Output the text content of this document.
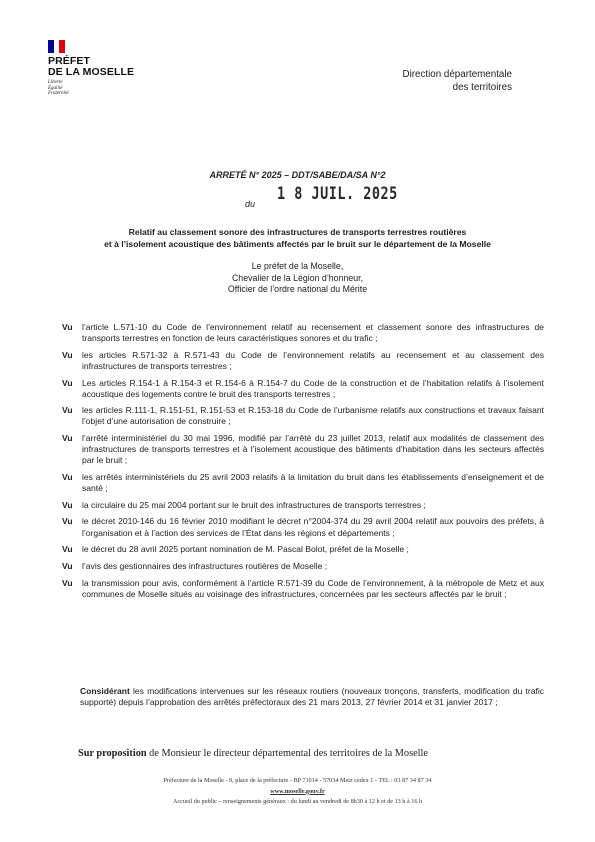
PRÉFET
DE LA MOSELLE
Liberté
Égalité
Fraternité
Direction départementale
des territoires
ARRETÉ N° 2025 – DDT/SABE/DA/SA N°2
du 1 8 JUIL. 2025
Relatif au classement sonore des infrastructures de transports terrestres routières
et à l’isolement acoustique des bâtiments affectés par le bruit sur le département de la Moselle
Le préfet de la Moselle,
Chevalier de la Légion d’honneur,
Officier de l’ordre national du Mérite
Vu l’article L.571-10 du Code de l’environnement relatif au recensement et classement sonore des infrastructures de transports terrestres en fonction de leurs caractéristiques sonores et du trafic ;
Vu les articles R.571-32 à R.571-43 du Code de l’environnement relatifs au recensement et au classement des infrastructures de transports terrestres ;
Vu Les articles R.154-1 à R.154-3 et R.154-6 à R.154-7 du Code de la construction et de l’habitation relatifs à l’isolement acoustique des logements contre le bruit des transports terrestres ;
Vu les articles R.111-1, R.151-51, R.151-53 et R.153-18 du Code de l’urbanisme relatifs aux constructions et travaux faisant l’objet d’une autorisation de construire ;
Vu l’arrêté interministériel du 30 mai 1996, modifié par l’arrêté du 23 juillet 2013, relatif aux modalités de classement des infrastructures de transports terrestres et à l’isolement acoustique des bâtiments d’habitation dans les secteurs affectés par le bruit ;
Vu les arrêtés interministériels du 25 avril 2003 relatifs à la limitation du bruit dans les établissements d’enseignement et de santé ;
Vu la circulaire du 25 mai 2004 portant sur le bruit des infrastructures de transports terrestres ;
Vu le décret 2010-146 du 16 février 2010 modifiant le décret n°2004-374 du 29 avril 2004 relatif aux pouvoirs des préfets, à l’organisation et à l’action des services de l’État dans les régions et départements ;
Vu le décret du 28 avril 2025 portant nomination de M. Pascal Bolot, préfet de la Moselle ;
Vu l’avis des gestionnaires des infrastructures routières de Moselle ;
Vu la transmission pour avis, conformément à l’article R.571-39 du Code de l’environnement, à la métropole de Metz et aux communes de Moselle situés au voisinage des infrastructures, concernées par les secteurs affectés par le bruit ;
Considérant les modifications intervenues sur les réseaux routiers (nouveaux tronçons, transferts, modification du trafic supporté) depuis l’approbation des arrêtés préfectoraux des 21 mars 2013, 27 février 2014 et 31 janvier 2017 ;
Sur proposition de Monsieur le directeur départemental des territoires de la Moselle
Préfecture de la Moselle - 9, place de la préfecture - BP 71014 - 57034 Metz cedex 1 - TEL : 03 87 34 87 34
www.moselle.gouv.fr
Accueil du public – renseignements généraux : du lundi au vendredi de 8h30 à 12 h et de 13 h à 16 h
